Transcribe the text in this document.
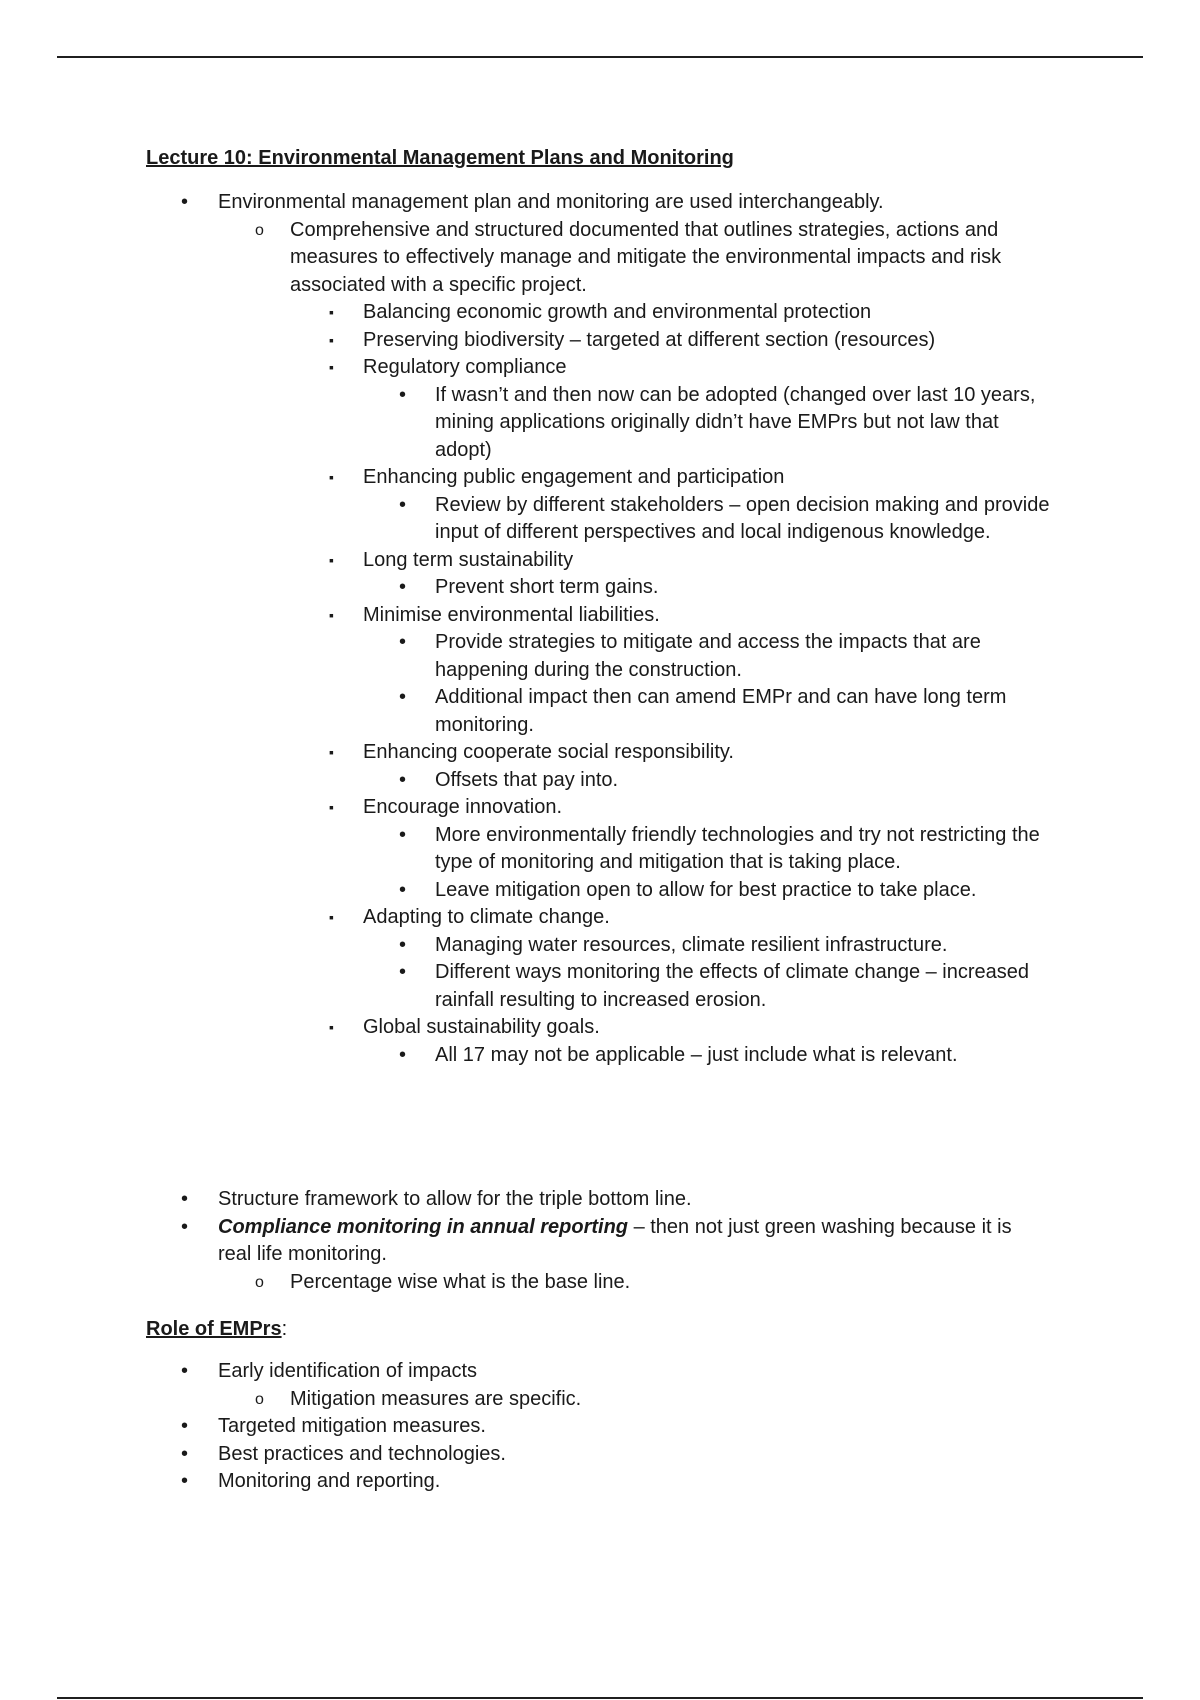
Lecture 10: Environmental Management Plans and Monitoring

• Environmental management plan and monitoring are used interchangeably.
o Comprehensive and structured documented that outlines strategies, actions and measures to effectively manage and mitigate the environmental impacts and risk associated with a specific project.
▪ Balancing economic growth and environmental protection
▪ Preserving biodiversity – targeted at different section (resources)
▪ Regulatory compliance
• If wasn’t and then now can be adopted (changed over last 10 years, mining applications originally didn’t have EMPrs but not law that adopt)
▪ Enhancing public engagement and participation
• Review by different stakeholders – open decision making and provide input of different perspectives and local indigenous knowledge.
▪ Long term sustainability
• Prevent short term gains.
▪ Minimise environmental liabilities.
• Provide strategies to mitigate and access the impacts that are happening during the construction.
• Additional impact then can amend EMPr and can have long term monitoring.
▪ Enhancing cooperate social responsibility.
• Offsets that pay into.
▪ Encourage innovation.
• More environmentally friendly technologies and try not restricting the type of monitoring and mitigation that is taking place.
• Leave mitigation open to allow for best practice to take place.
▪ Adapting to climate change.
• Managing water resources, climate resilient infrastructure.
• Different ways monitoring the effects of climate change – increased rainfall resulting to increased erosion.
▪ Global sustainability goals.
• All 17 may not be applicable – just include what is relevant.
• Structure framework to allow for the triple bottom line.
• Compliance monitoring in annual reporting – then not just green washing because it is real life monitoring.
o Percentage wise what is the base line.

Role of EMPrs:

• Early identification of impacts
o Mitigation measures are specific.
• Targeted mitigation measures.
• Best practices and technologies.
• Monitoring and reporting.
